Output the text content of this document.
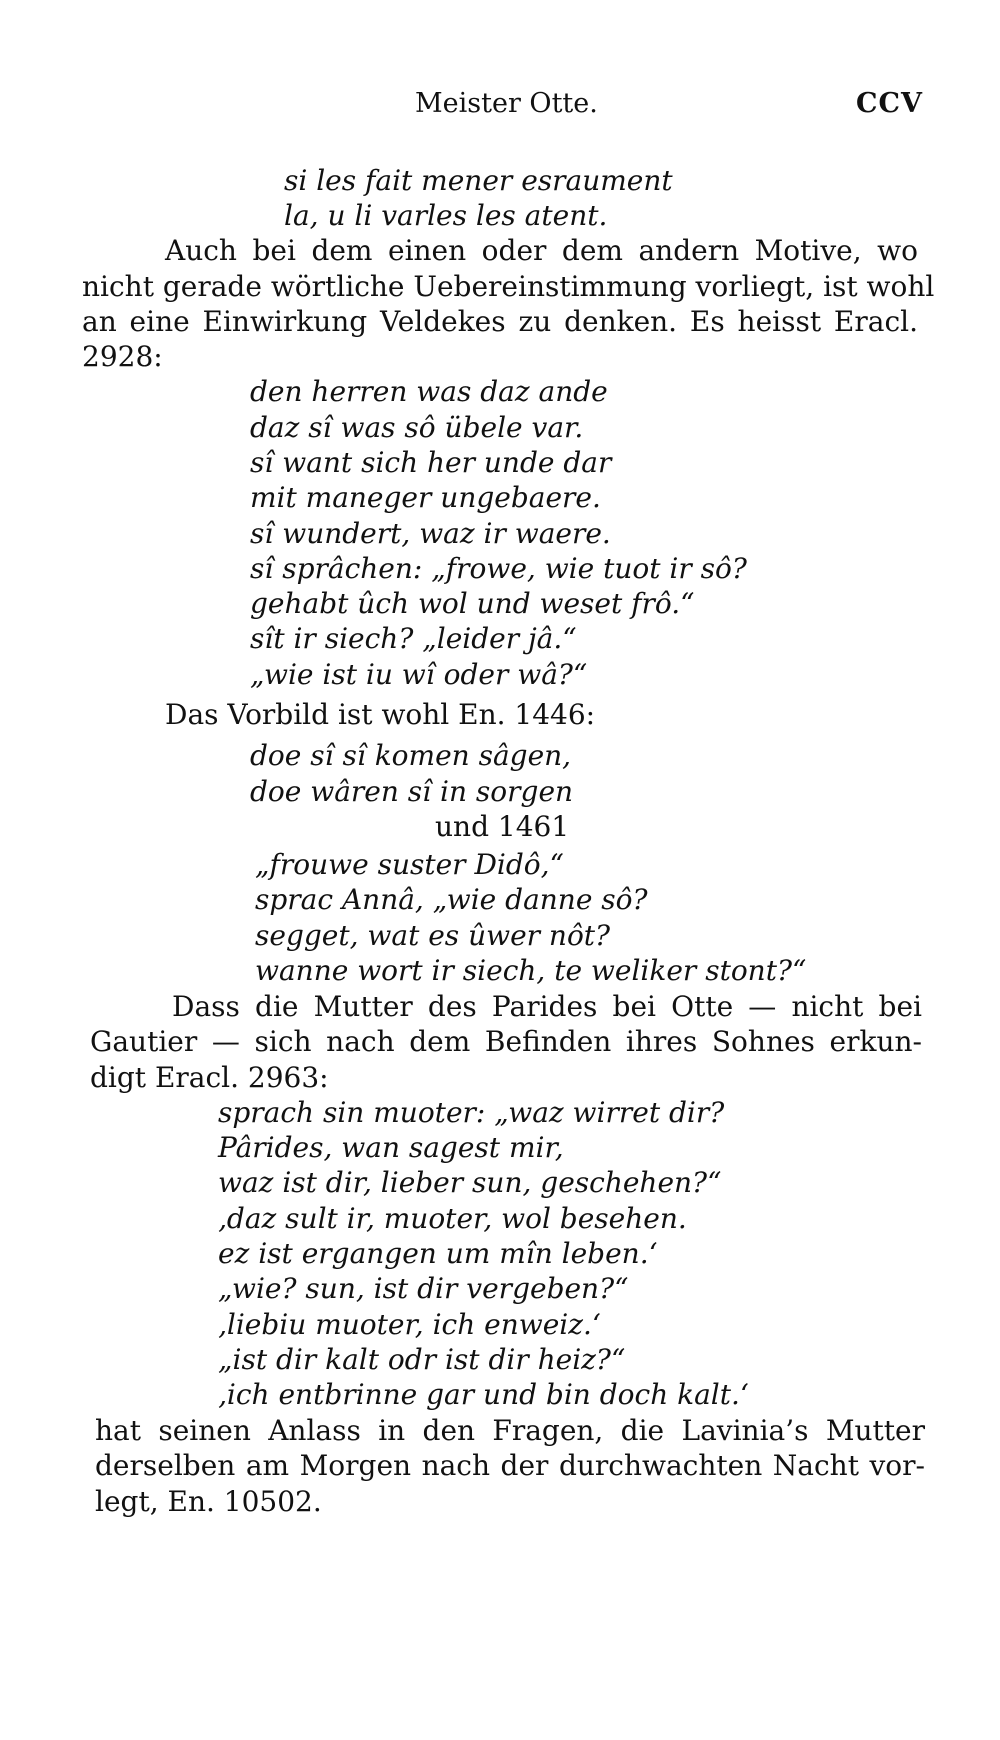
Meister Otte.	CCV
si les fait mener esraument
la, u li varles les atent.
Auch bei dem einen oder dem andern Motive, wo
nicht gerade wörtliche Uebereinstimmung vorliegt, ist wohl
an eine Einwirkung Veldekes zu denken. Es heisst Eracl.
2928:
den herren was daz ande
daz sî was sô übele var.
sî want sich her unde dar
mit maneger ungebaere.
sî wundert, waz ir waere.
sî sprâchen: „frowe, wie tuot ir sô?
gehabt ûch wol und weset frô.“
sît ir siech? „leider jâ.“
„wie ist iu wî oder wâ?“
Das Vorbild ist wohl En. 1446:
doe sî sî komen sâgen,
doe wâren sî in sorgen
und 1461
„frouwe suster Didô,“
sprac Annâ, „wie danne sô?
segget, wat es ûwer nôt?
wanne wort ir siech, te weliker stont?“
Dass die Mutter des Parides bei Otte — nicht bei
Gautier — sich nach dem Befinden ihres Sohnes erkun-
digt Eracl. 2963:
sprach sin muoter: „waz wirret dir?
Pârides, wan sagest mir,
waz ist dir, lieber sun, geschehen?“
‚daz sult ir, muoter, wol besehen.
ez ist ergangen um mîn leben.‘
„wie? sun, ist dir vergeben?“
‚liebiu muoter, ich enweiz.‘
„ist dir kalt odr ist dir heiz?“
‚ich entbrinne gar und bin doch kalt.‘
hat seinen Anlass in den Fragen, die Lavinia’s Mutter
derselben am Morgen nach der durchwachten Nacht vor-
legt, En. 10502.
